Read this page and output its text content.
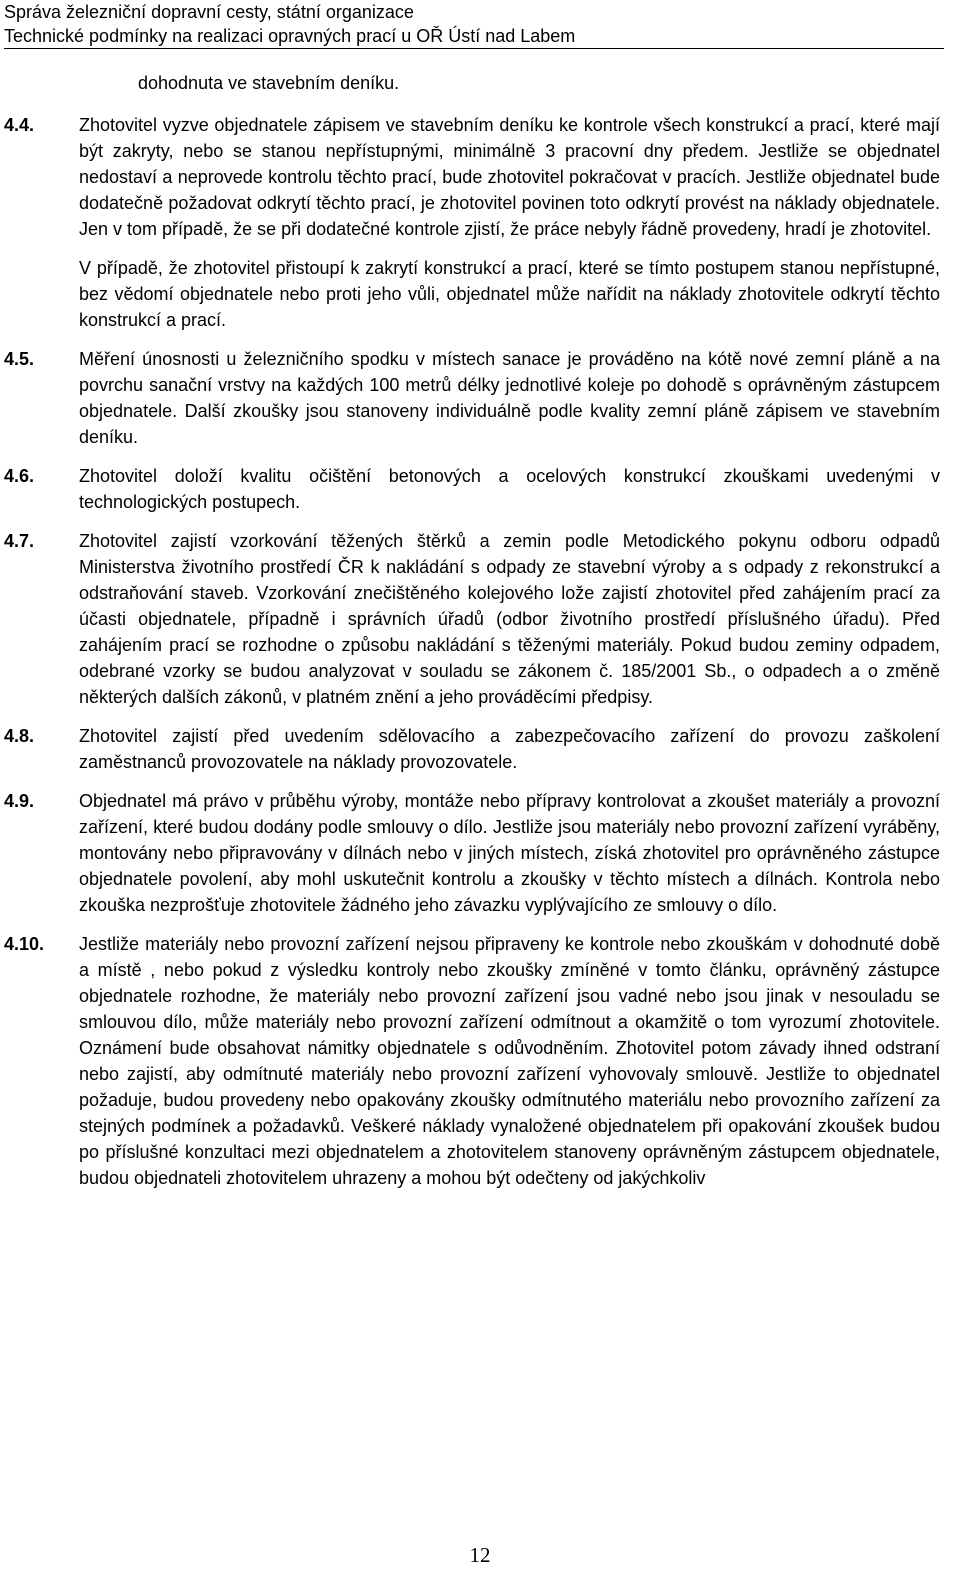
Správa železniční dopravní cesty, státní organizace
Technické podmínky na realizaci opravných prací u OŘ Ústí nad Labem
dohodnuta ve stavebním deníku.
4.4.	Zhotovitel vyzve objednatele zápisem ve stavebním deníku ke kontrole všech konstrukcí a prací, které mají být zakryty, nebo se stanou nepřístupnými, minimálně 3 pracovní dny předem. Jestliže se objednatel nedostaví a neprovede kontrolu těchto prací, bude zhotovitel pokračovat v pracích. Jestliže objednatel bude dodatečně požadovat odkrytí těchto prací, je zhotovitel povinen toto odkrytí provést na náklady objednatele. Jen v tom případě, že se při dodatečné kontrole zjistí, že práce nebyly řádně provedeny, hradí je zhotovitel.

V případě, že zhotovitel přistoupí k zakrytí konstrukcí a prací, které se tímto postupem stanou nepřístupné, bez vědomí objednatele nebo proti jeho vůli, objednatel může nařídit na náklady zhotovitele odkrytí těchto konstrukcí a prací.

4.5.	Měření únosnosti u železničního spodku v místech sanace je prováděno na kótě nové zemní pláně a na povrchu sanační vrstvy na každých 100 metrů délky jednotlivé koleje po dohodě s oprávněným zástupcem objednatele. Další zkoušky jsou stanoveny individuálně podle kvality zemní pláně zápisem ve stavebním deníku.

4.6.	Zhotovitel doloží kvalitu očištění betonových a ocelových konstrukcí zkouškami uvedenými v technologických postupech.

4.7.	Zhotovitel zajistí vzorkování těžených štěrků a zemin podle Metodického pokynu odboru odpadů Ministerstva životního prostředí ČR k nakládání s odpady ze stavební výroby a s odpady z rekonstrukcí a odstraňování staveb. Vzorkování znečištěného kolejového lože zajistí zhotovitel před zahájením prací za účasti objednatele, případně i správních úřadů (odbor životního prostředí příslušného úřadu). Před zahájením prací se rozhodne o způsobu nakládání s těženými materiály. Pokud budou zeminy odpadem, odebrané vzorky se budou analyzovat v souladu se zákonem č. 185/2001 Sb., o odpadech a o změně některých dalších zákonů, v platném znění a jeho prováděcími předpisy.

4.8.	Zhotovitel zajistí před uvedením sdělovacího a zabezpečovacího zařízení do provozu zaškolení zaměstnanců provozovatele na náklady provozovatele.

4.9.	Objednatel má právo v průběhu výroby, montáže nebo přípravy kontrolovat a zkoušet materiály a provozní zařízení, které budou dodány podle smlouvy o dílo. Jestliže jsou materiály nebo provozní zařízení vyráběny, montovány nebo připravovány v dílnách nebo v jiných místech, získá zhotovitel pro oprávněného zástupce objednatele povolení, aby mohl uskutečnit kontrolu a zkoušky v těchto místech a dílnách. Kontrola nebo zkouška nezprošťuje zhotovitele žádného jeho závazku vyplývajícího ze smlouvy o dílo.

4.10.	Jestliže materiály nebo provozní zařízení nejsou připraveny ke kontrole nebo zkouškám v dohodnuté době a místě , nebo pokud z výsledku kontroly nebo zkoušky zmíněné v tomto článku, oprávněný zástupce objednatele rozhodne, že materiály nebo provozní zařízení jsou vadné nebo jsou jinak v nesouladu se smlouvou dílo, může materiály nebo provozní zařízení odmítnout a okamžitě o tom vyrozumí zhotovitele. Oznámení bude obsahovat námitky objednatele s odůvodněním. Zhotovitel potom závady ihned odstraní nebo zajistí, aby odmítnuté materiály nebo provozní zařízení vyhovovaly smlouvě. Jestliže to objednatel požaduje, budou provedeny nebo opakovány zkoušky odmítnutého materiálu nebo provozního zařízení za stejných podmínek a požadavků. Veškeré náklady vynaložené objednatelem při opakování zkoušek budou po příslušné konzultaci mezi objednatelem a zhotovitelem stanoveny oprávněným zástupcem objednatele, budou objednateli zhotovitelem uhrazeny a mohou být odečteny od jakýchkoliv

12
